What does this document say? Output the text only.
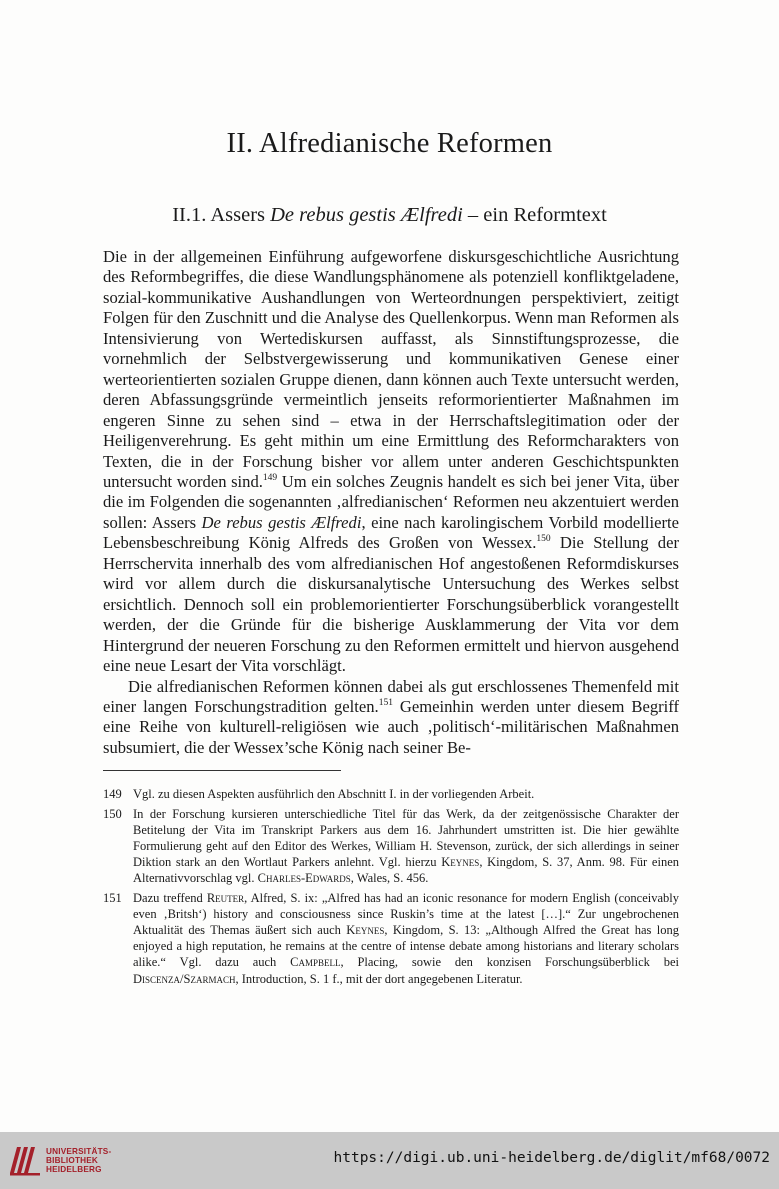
II. Alfredianische Reformen
II.1. Assers De rebus gestis Ælfredi – ein Reformtext

Die in der allgemeinen Einführung aufgeworfene diskursgeschichtliche Ausrichtung des Reformbegriffes, die diese Wandlungsphänomene als potenziell konfliktgeladene, sozial-kommunikative Aushandlungen von Werteordnungen perspektiviert, zeitigt Folgen für den Zuschnitt und die Analyse des Quellenkorpus. Wenn man Reformen als Intensivierung von Wertediskursen auffasst, als Sinnstiftungsprozesse, die vornehmlich der Selbstvergewisserung und kommunikativen Genese einer werteorientierten sozialen Gruppe dienen, dann können auch Texte untersucht werden, deren Abfassungsgründe vermeintlich jenseits reformorientierter Maßnahmen im engeren Sinne zu sehen sind – etwa in der Herrschaftslegitimation oder der Heiligenverehrung. Es geht mithin um eine Ermittlung des Reformcharakters von Texten, die in der Forschung bisher vor allem unter anderen Geschichtspunkten untersucht worden sind.$^{149}$ Um ein solches Zeugnis handelt es sich bei jener Vita, über die im Folgenden die sogenannten ‚alfredianischen‘ Reformen neu akzentuiert werden sollen: Assers De rebus gestis Ælfredi, eine nach karolingischem Vorbild modellierte Lebensbeschreibung König Alfreds des Großen von Wessex.$^{150}$ Die Stellung der Herrschervita innerhalb des vom alfredianischen Hof angestoßenen Reformdiskurses wird vor allem durch die diskursanalytische Untersuchung des Werkes selbst ersichtlich. Dennoch soll ein problemorientierter Forschungsüberblick vorangestellt werden, der die Gründe für die bisherige Ausklammerung der Vita vor dem Hintergrund der neueren Forschung zu den Reformen ermittelt und hiervon ausgehend eine neue Lesart der Vita vorschlägt.

Die alfredianischen Reformen können dabei als gut erschlossenes Themenfeld mit einer langen Forschungstradition gelten.$^{151}$ Gemeinhin werden unter diesem Begriff eine Reihe von kulturell-religiösen wie auch ‚politisch‘-militärischen Maßnahmen subsumiert, die der Wessex’sche König nach seiner Be-

149 Vgl. zu diesen Aspekten ausführlich den Abschnitt I. in der vorliegenden Arbeit.
150 In der Forschung kursieren unterschiedliche Titel für das Werk, da der zeitgenössische Charakter der Betitelung der Vita im Transkript Parkers aus dem 16. Jahrhundert umstritten ist. Die hier gewählte Formulierung geht auf den Editor des Werkes, William H. Stevenson, zurück, der sich allerdings in seiner Diktion stark an den Wortlaut Parkers anlehnt. Vgl. hierzu Keynes, Kingdom, S. 37, Anm. 98. Für einen Alternativvorschlag vgl. Charles-Edwards, Wales, S. 456.
151 Dazu treffend Reuter, Alfred, S. ix: „Alfred has had an iconic resonance for modern English (conceivably even ‚Britsh‘) history and consciousness since Ruskin’s time at the latest […].“ Zur ungebrochenen Aktualität des Themas äußert sich auch Keynes, Kingdom, S. 13: „Although Alfred the Great has long enjoyed a high reputation, he remains at the centre of intense debate among historians and literary scholars alike.“ Vgl. dazu auch Campbell, Placing, sowie den konzisen Forschungsüberblick bei Discenza/Szarmach, Introduction, S. 1 f., mit der dort angegebenen Literatur.
UNIVERSITÄTS-
BIBLIOTHEK
HEIDELBERG
https://digi.ub.uni-heidelberg.de/diglit/mf68/0072
